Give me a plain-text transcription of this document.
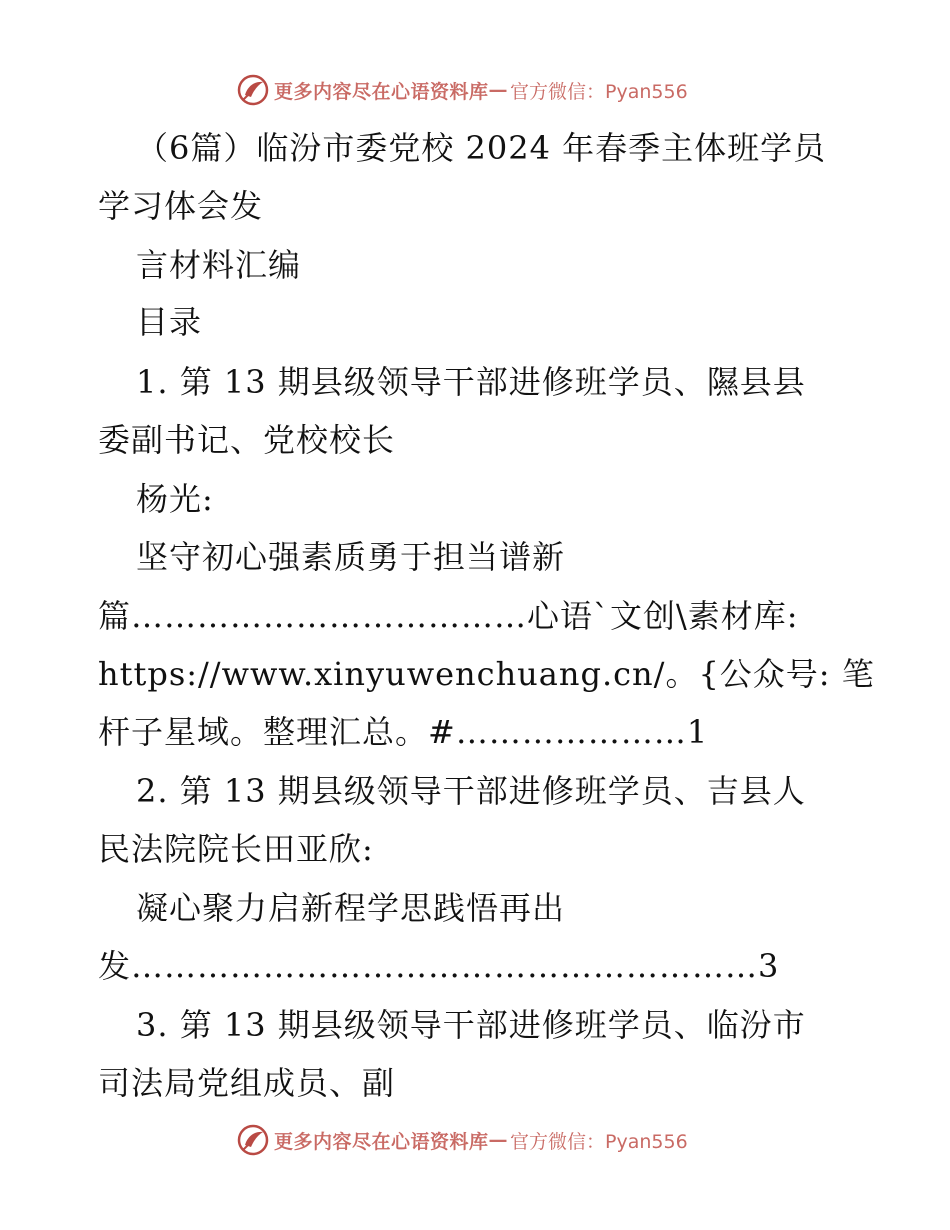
更多内容尽在心语资料库 — 官方微信：Pyan556
（6篇）临汾市委党校 2024 年春季主体班学员
学习体会发
言材料汇编
目录
1. 第 13 期县级领导干部进修班学员、隰县县
委副书记、党校校长
杨光:
坚守初心强素质勇于担当谱新
篇………………………………心语`文创\素材库:
https://www.xinyuwenchuang.cn/。{公众号: 笔
杆子星域。整理汇总。#…………………1
2. 第 13 期县级领导干部进修班学员、吉县人
民法院院长田亚欣:
凝心聚力启新程学思践悟再出
发…………………………………………………3
3. 第 13 期县级领导干部进修班学员、临汾市
司法局党组成员、副
更多内容尽在心语资料库 — 官方微信：Pyan556
